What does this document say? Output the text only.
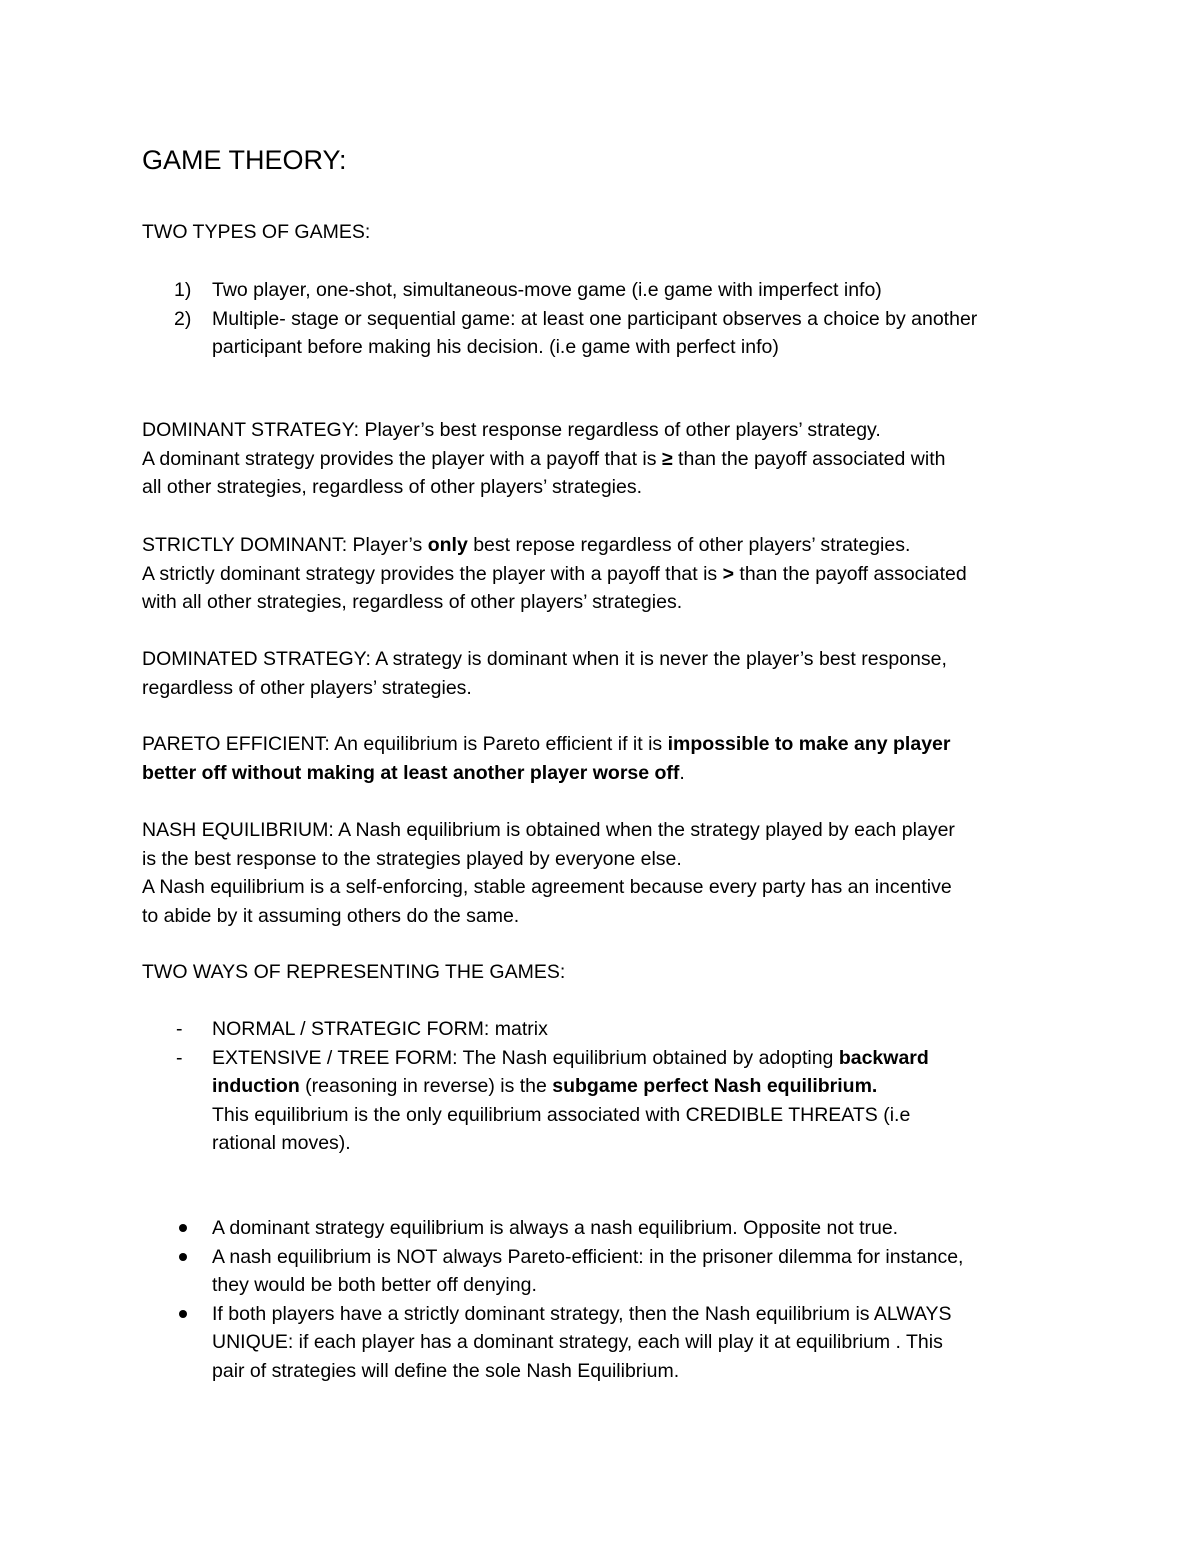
GAME THEORY:
TWO TYPES OF GAMES:
1) Two player, one-shot, simultaneous-move game (i.e game with imperfect info)
2) Multiple- stage or sequential game: at least one participant observes a choice by another
participant before making his decision. (i.e game with perfect info)
DOMINANT STRATEGY: Player’s best response regardless of other players’ strategy.
A dominant strategy provides the player with a payoff that is ≥ than the payoff associated with
all other strategies, regardless of other players’ strategies.
STRICTLY DOMINANT: Player’s only best repose regardless of other players’ strategies.
A strictly dominant strategy provides the player with a payoff that is > than the payoff associated
with all other strategies, regardless of other players’ strategies.
DOMINATED STRATEGY: A strategy is dominant when it is never the player’s best response,
regardless of other players’ strategies.
PARETO EFFICIENT: An equilibrium is Pareto efficient if it is impossible to make any player
better off without making at least another player worse off.
NASH EQUILIBRIUM: A Nash equilibrium is obtained when the strategy played by each player
is the best response to the strategies played by everyone else.
A Nash equilibrium is a self-enforcing, stable agreement because every party has an incentive
to abide by it assuming others do the same.
TWO WAYS OF REPRESENTING THE GAMES:
- NORMAL / STRATEGIC FORM: matrix
- EXTENSIVE / TREE FORM: The Nash equilibrium obtained by adopting backward
induction (reasoning in reverse) is the subgame perfect Nash equilibrium.
This equilibrium is the only equilibrium associated with CREDIBLE THREATS (i.e
rational moves).
A dominant strategy equilibrium is always a nash equilibrium. Opposite not true.
A nash equilibrium is NOT always Pareto-efficient: in the prisoner dilemma for instance,
they would be both better off denying.
If both players have a strictly dominant strategy, then the Nash equilibrium is ALWAYS
UNIQUE: if each player has a dominant strategy, each will play it at equilibrium . This
pair of strategies will define the sole Nash Equilibrium.
